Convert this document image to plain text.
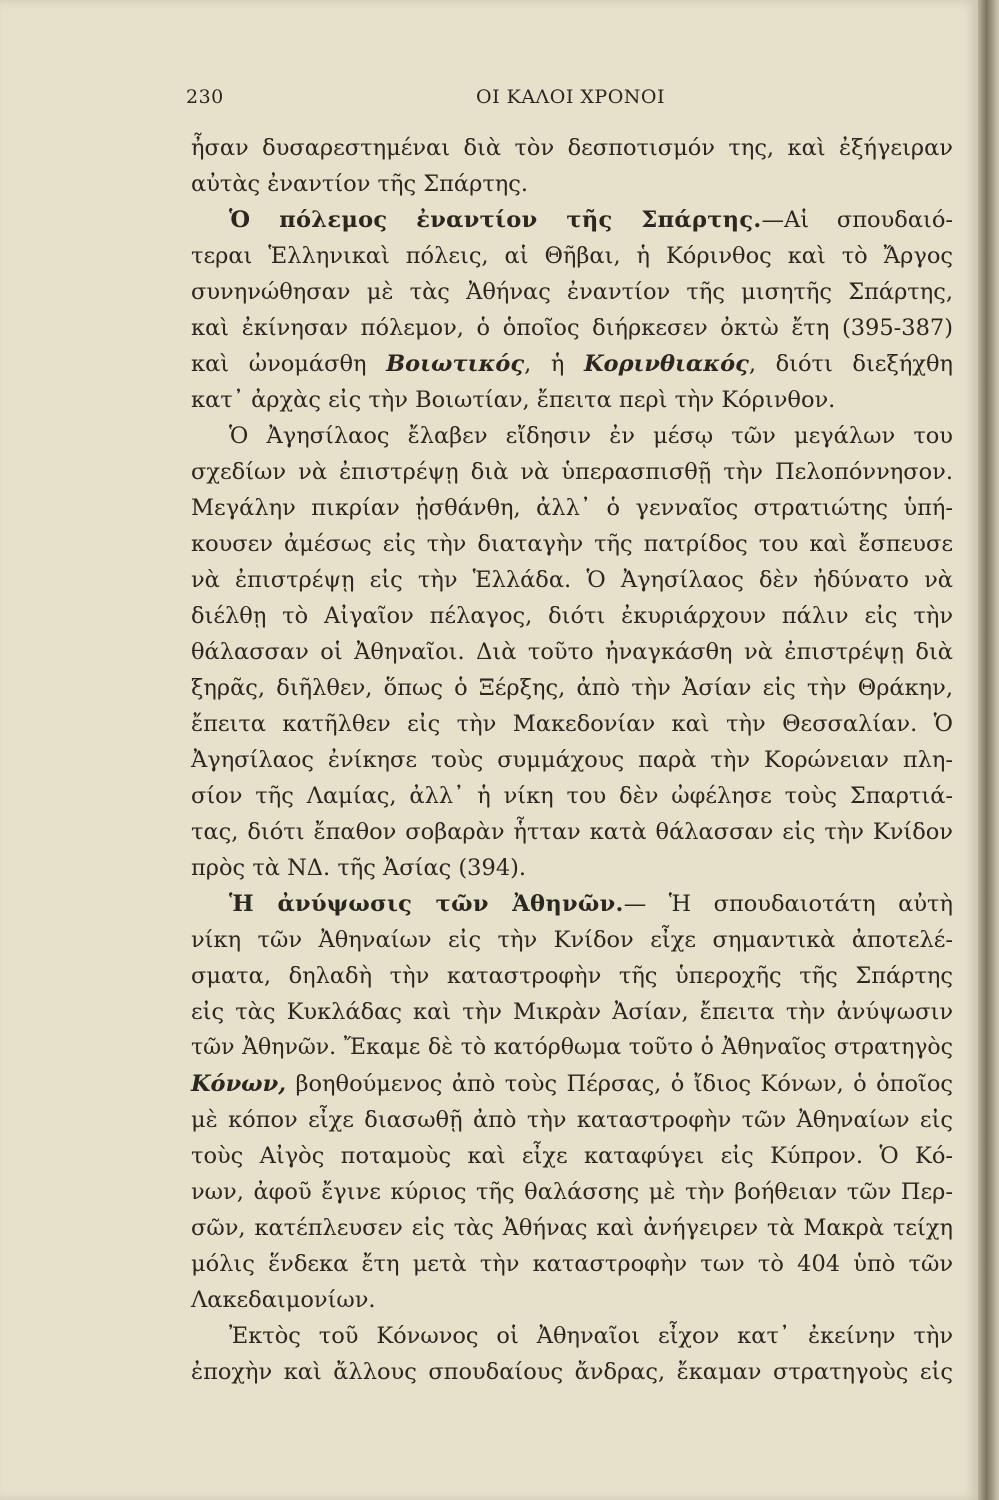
230	ΟΙ ΚΑΛΟΙ ΧΡΟΝΟΙ
ἦσαν δυσαρεστημέναι διὰ τὸν δεσποτισμόν της, καὶ ἐξήγειραν
αὐτὰς ἐναντίον τῆς Σπάρτης.
Ὁ πόλεμος ἐναντίον τῆς Σπάρτης.—Αἱ σπουδαιό-
τεραι Ἑλληνικαὶ πόλεις, αἱ Θῆβαι, ἡ Κόρινθος καὶ τὸ Ἄργος
συνηνώθησαν μὲ τὰς Ἀθήνας ἐναντίον τῆς μισητῆς Σπάρτης,
καὶ ἐκίνησαν πόλεμον, ὁ ὁποῖος διήρκεσεν ὀκτὼ ἔτη (395-387)
καὶ ὠνομάσθη Βοιωτικός, ἡ Κορινθιακός, διότι διεξήχθη
κατ᾽ ἀρχὰς εἰς τὴν Βοιωτίαν, ἔπειτα περὶ τὴν Κόρινθον.
Ὁ Ἀγησίλαος ἔλαβεν εἴδησιν ἐν μέσῳ τῶν μεγάλων του
σχεδίων νὰ ἐπιστρέψῃ διὰ νὰ ὑπερασπισθῇ τὴν Πελοπόννησον.
Μεγάλην πικρίαν ᾐσθάνθη, ἀλλ᾽ ὁ γενναῖος στρατιώτης ὑπή-
κουσεν ἀμέσως εἰς τὴν διαταγὴν τῆς πατρίδος του καὶ ἔσπευσε
νὰ ἐπιστρέψῃ εἰς τὴν Ἑλλάδα. Ὁ Ἀγησίλαος δὲν ἠδύνατο νὰ
διέλθῃ τὸ Αἰγαῖον πέλαγος, διότι ἐκυριάρχουν πάλιν εἰς τὴν
θάλασσαν οἱ Ἀθηναῖοι. Διὰ τοῦτο ἠναγκάσθη νὰ ἐπιστρέψῃ διὰ
ξηρᾶς, διῆλθεν, ὅπως ὁ Ξέρξης, ἀπὸ τὴν Ἀσίαν εἰς τὴν Θράκην,
ἔπειτα κατῆλθεν εἰς τὴν Μακεδονίαν καὶ τὴν Θεσσαλίαν. Ὁ
Ἀγησίλαος ἐνίκησε τοὺς συμμάχους παρὰ τὴν Κορώνειαν πλη-
σίον τῆς Λαμίας, ἀλλ᾽ ἡ νίκη του δὲν ὠφέλησε τοὺς Σπαρτιά-
τας, διότι ἔπαθον σοβαρὰν ἧτταν κατὰ θάλασσαν εἰς τὴν Κνίδον
πρὸς τὰ ΝΔ. τῆς Ἀσίας (394).
Ἡ ἀνύψωσις τῶν Ἀθηνῶν.— Ἡ σπουδαιοτάτη αὐτὴ
νίκη τῶν Ἀθηναίων εἰς τὴν Κνίδον εἶχε σημαντικὰ ἀποτελέ-
σματα, δηλαδὴ τὴν καταστροφὴν τῆς ὑπεροχῆς τῆς Σπάρτης
εἰς τὰς Κυκλάδας καὶ τὴν Μικρὰν Ἀσίαν, ἔπειτα τὴν ἀνύψωσιν
τῶν Ἀθηνῶν. Ἔκαμε δὲ τὸ κατόρθωμα τοῦτο ὁ Ἀθηναῖος στρατηγὸς
Κόνων, βοηθούμενος ἀπὸ τοὺς Πέρσας, ὁ ἴδιος Κόνων, ὁ ὁποῖος
μὲ κόπον εἶχε διασωθῇ ἀπὸ τὴν καταστροφὴν τῶν Ἀθηναίων εἰς
τοὺς Αἰγὸς ποταμοὺς καὶ εἶχε καταφύγει εἰς Κύπρον. Ὁ Κό-
νων, ἀφοῦ ἔγινε κύριος τῆς θαλάσσης μὲ τὴν βοήθειαν τῶν Περ-
σῶν, κατέπλευσεν εἰς τὰς Ἀθήνας καὶ ἀνήγειρεν τὰ Μακρὰ τείχη
μόλις ἕνδεκα ἔτη μετὰ τὴν καταστροφὴν των τὸ 404 ὑπὸ τῶν
Λακεδαιμονίων.
Ἐκτὸς τοῦ Κόνωνος οἱ Ἀθηναῖοι εἶχον κατ᾽ ἐκείνην τὴν
ἐποχὴν καὶ ἄλλους σπουδαίους ἄνδρας, ἔκαμαν στρατηγοὺς εἰς
